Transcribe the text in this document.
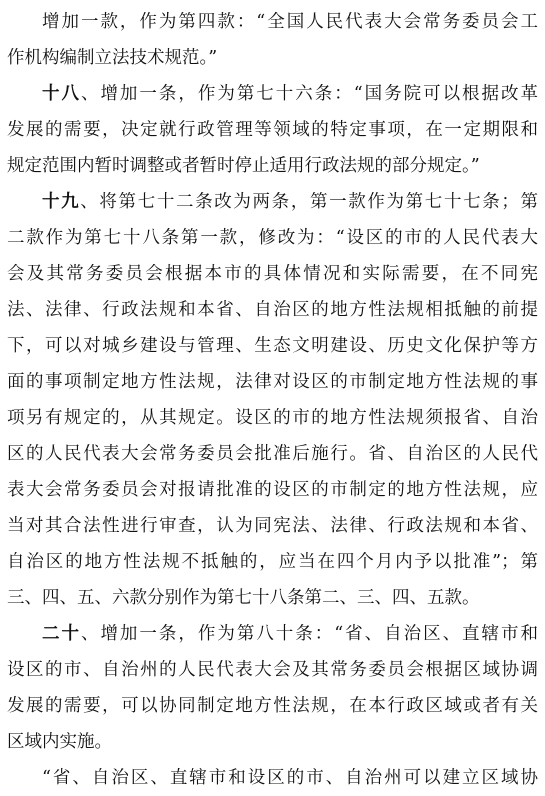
增加一款，作为第四款：“全国人民代表大会常务委员会工
作机构编制立法技术规范。”
十八、增加一条，作为第七十六条：“国务院可以根据改革
发展的需要，决定就行政管理等领域的特定事项，在一定期限和
规定范围内暂时调整或者暂时停止适用行政法规的部分规定。”
十九、将第七十二条改为两条，第一款作为第七十七条；第
二款作为第七十八条第一款，修改为：“设区的市的人民代表大
会及其常务委员会根据本市的具体情况和实际需要，在不同宪
法、法律、行政法规和本省、自治区的地方性法规相抵触的前提
下，可以对城乡建设与管理、生态文明建设、历史文化保护等方
面的事项制定地方性法规，法律对设区的市制定地方性法规的事
项另有规定的，从其规定。设区的市的地方性法规须报省、自治
区的人民代表大会常务委员会批准后施行。省、自治区的人民代
表大会常务委员会对报请批准的设区的市制定的地方性法规，应
当对其合法性进行审查，认为同宪法、法律、行政法规和本省、
自治区的地方性法规不抵触的，应当在四个月内予以批准”；第
三、四、五、六款分别作为第七十八条第二、三、四、五款。
二十、增加一条，作为第八十条：“省、自治区、直辖市和
设区的市、自治州的人民代表大会及其常务委员会根据区域协调
发展的需要，可以协同制定地方性法规，在本行政区域或者有关
区域内实施。
“省、自治区、直辖市和设区的市、自治州可以建立区域协
